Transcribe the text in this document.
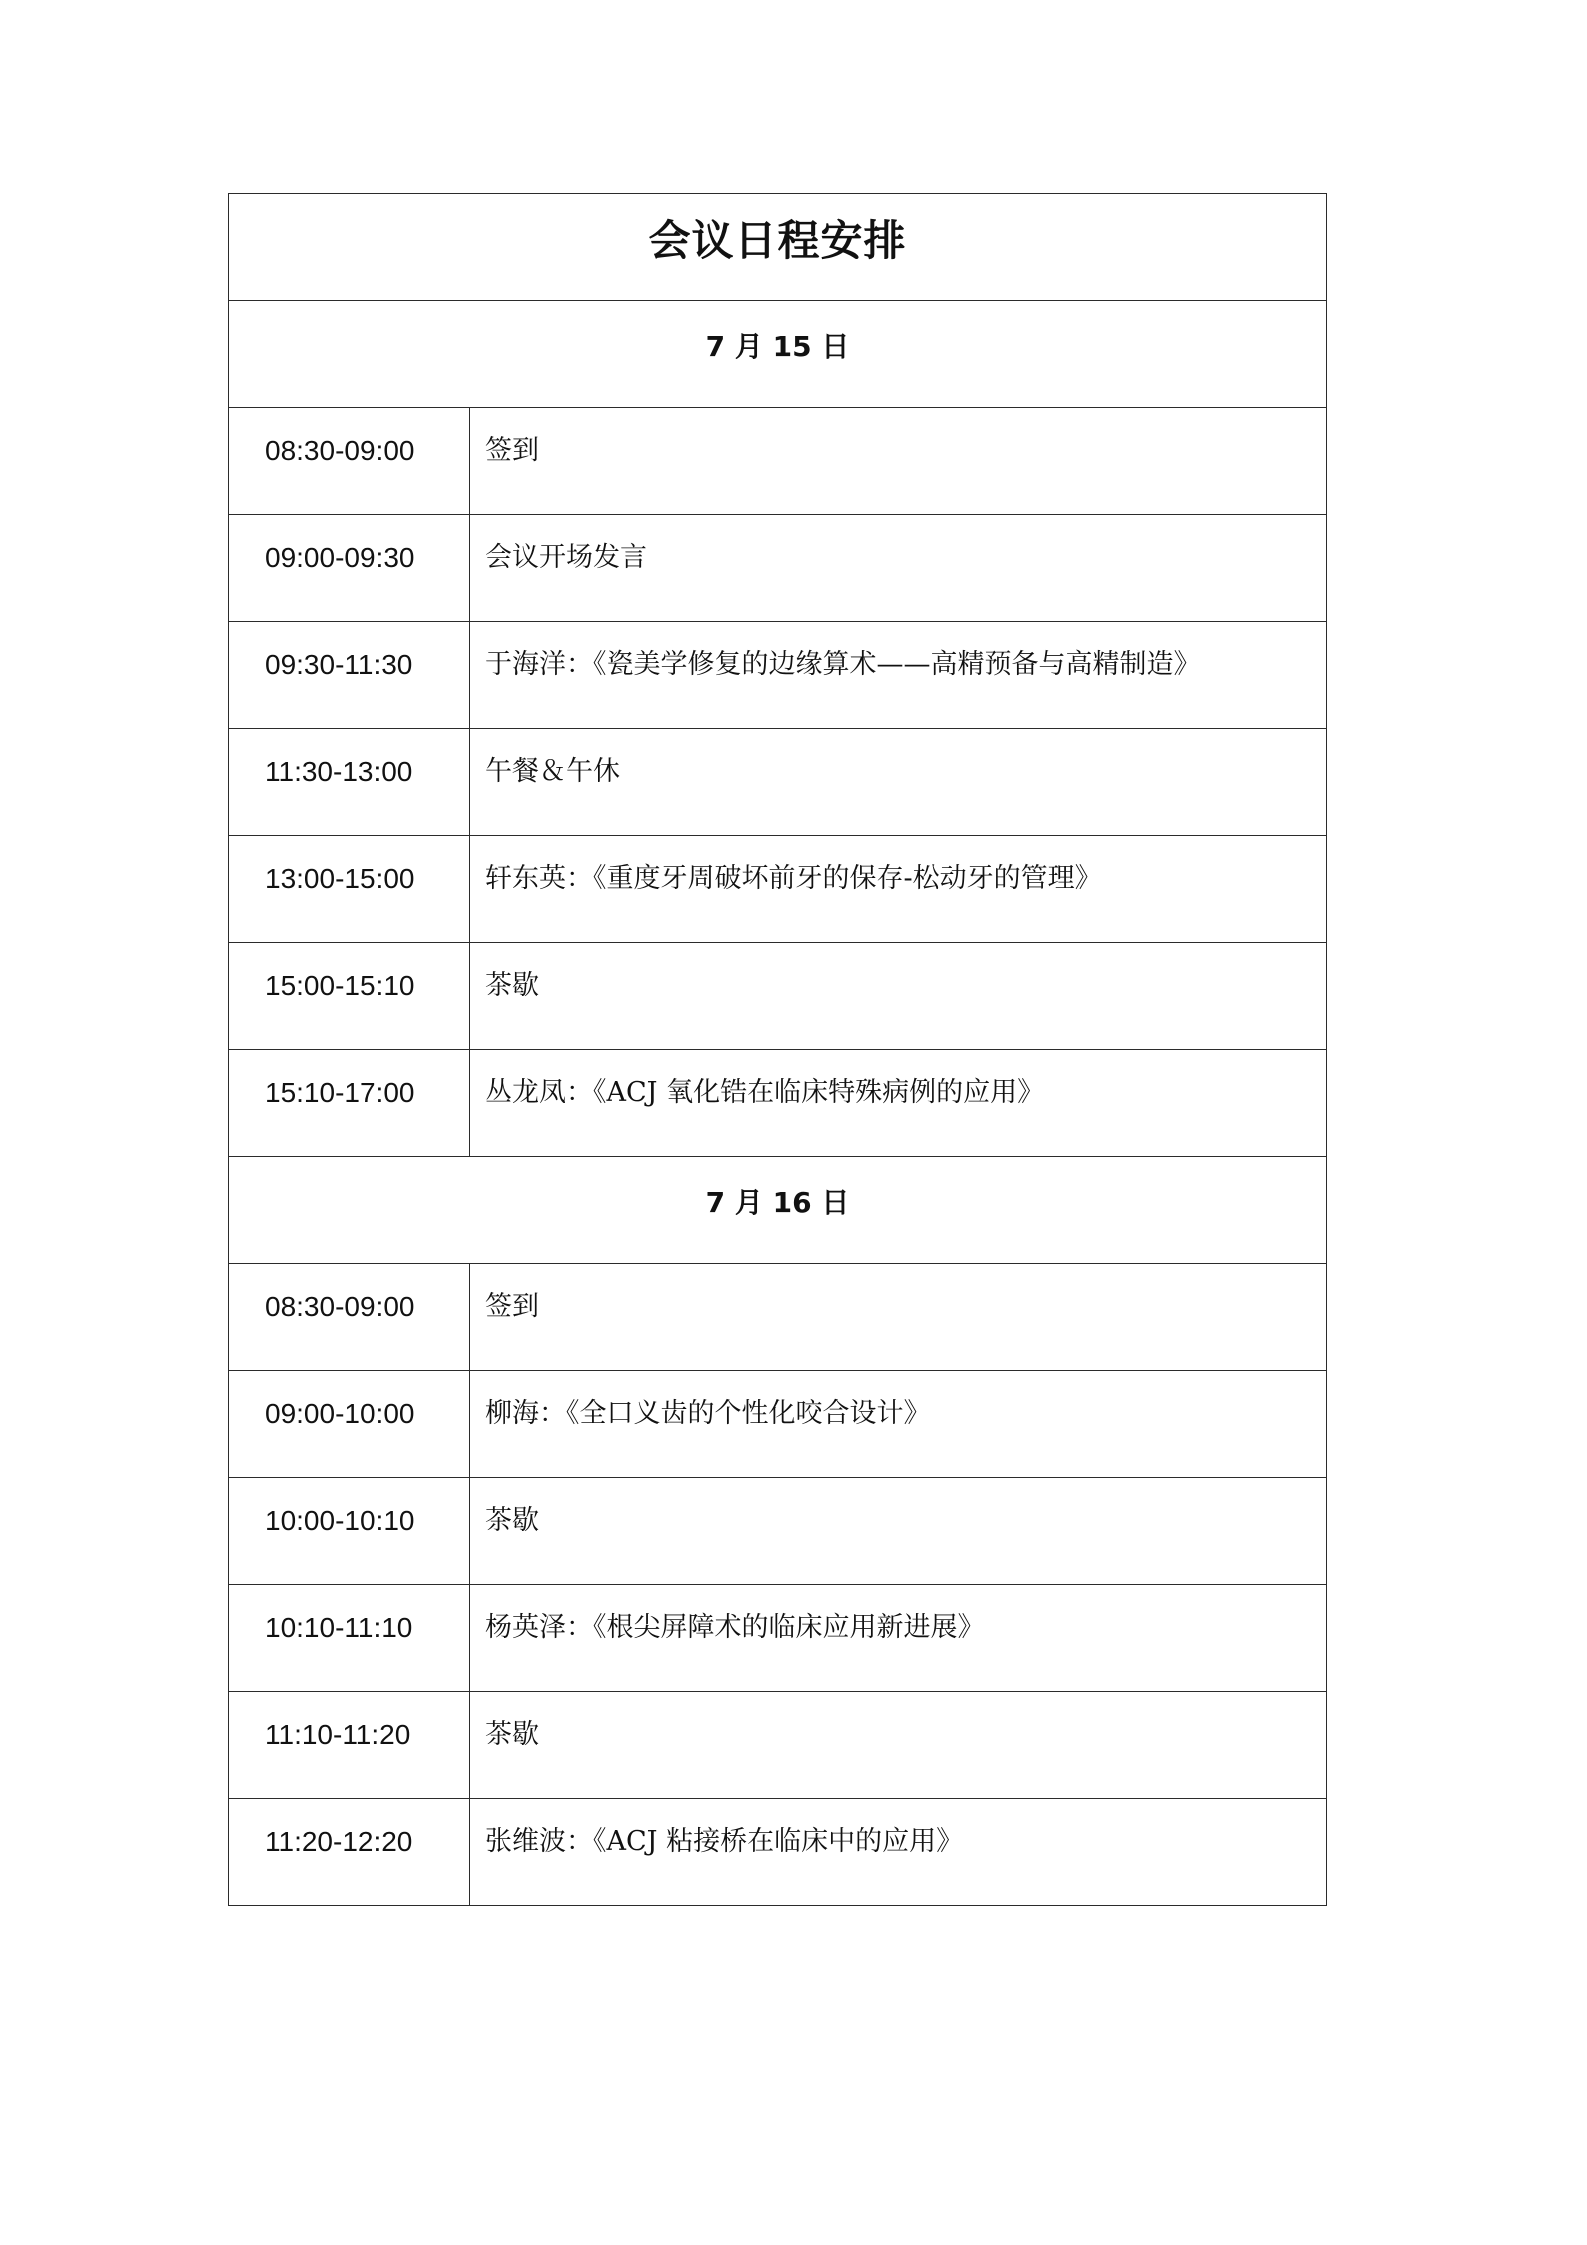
会议日程安排	
7 月 15 日	
08:30-09:00	签到
09:00-09:30	会议开场发言
09:30-11:30	于海洋：《瓷美学修复的边缘算术——高精预备与高精制造》
11:30-13:00	午餐＆午休
13:00-15:00	轩东英：《重度牙周破坏前牙的保存-松动牙的管理》
15:00-15:10	茶歇
15:10-17:00	丛龙凤：《ACJ 氧化锆在临床特殊病例的应用》
7 月 16 日	
08:30-09:00	签到
09:00-10:00	柳海：《全口义齿的个性化咬合设计》
10:00-10:10	茶歇
10:10-11:10	杨英泽：《根尖屏障术的临床应用新进展》
11:10-11:20	茶歇
11:20-12:20	张维波：《ACJ 粘接桥在临床中的应用》
